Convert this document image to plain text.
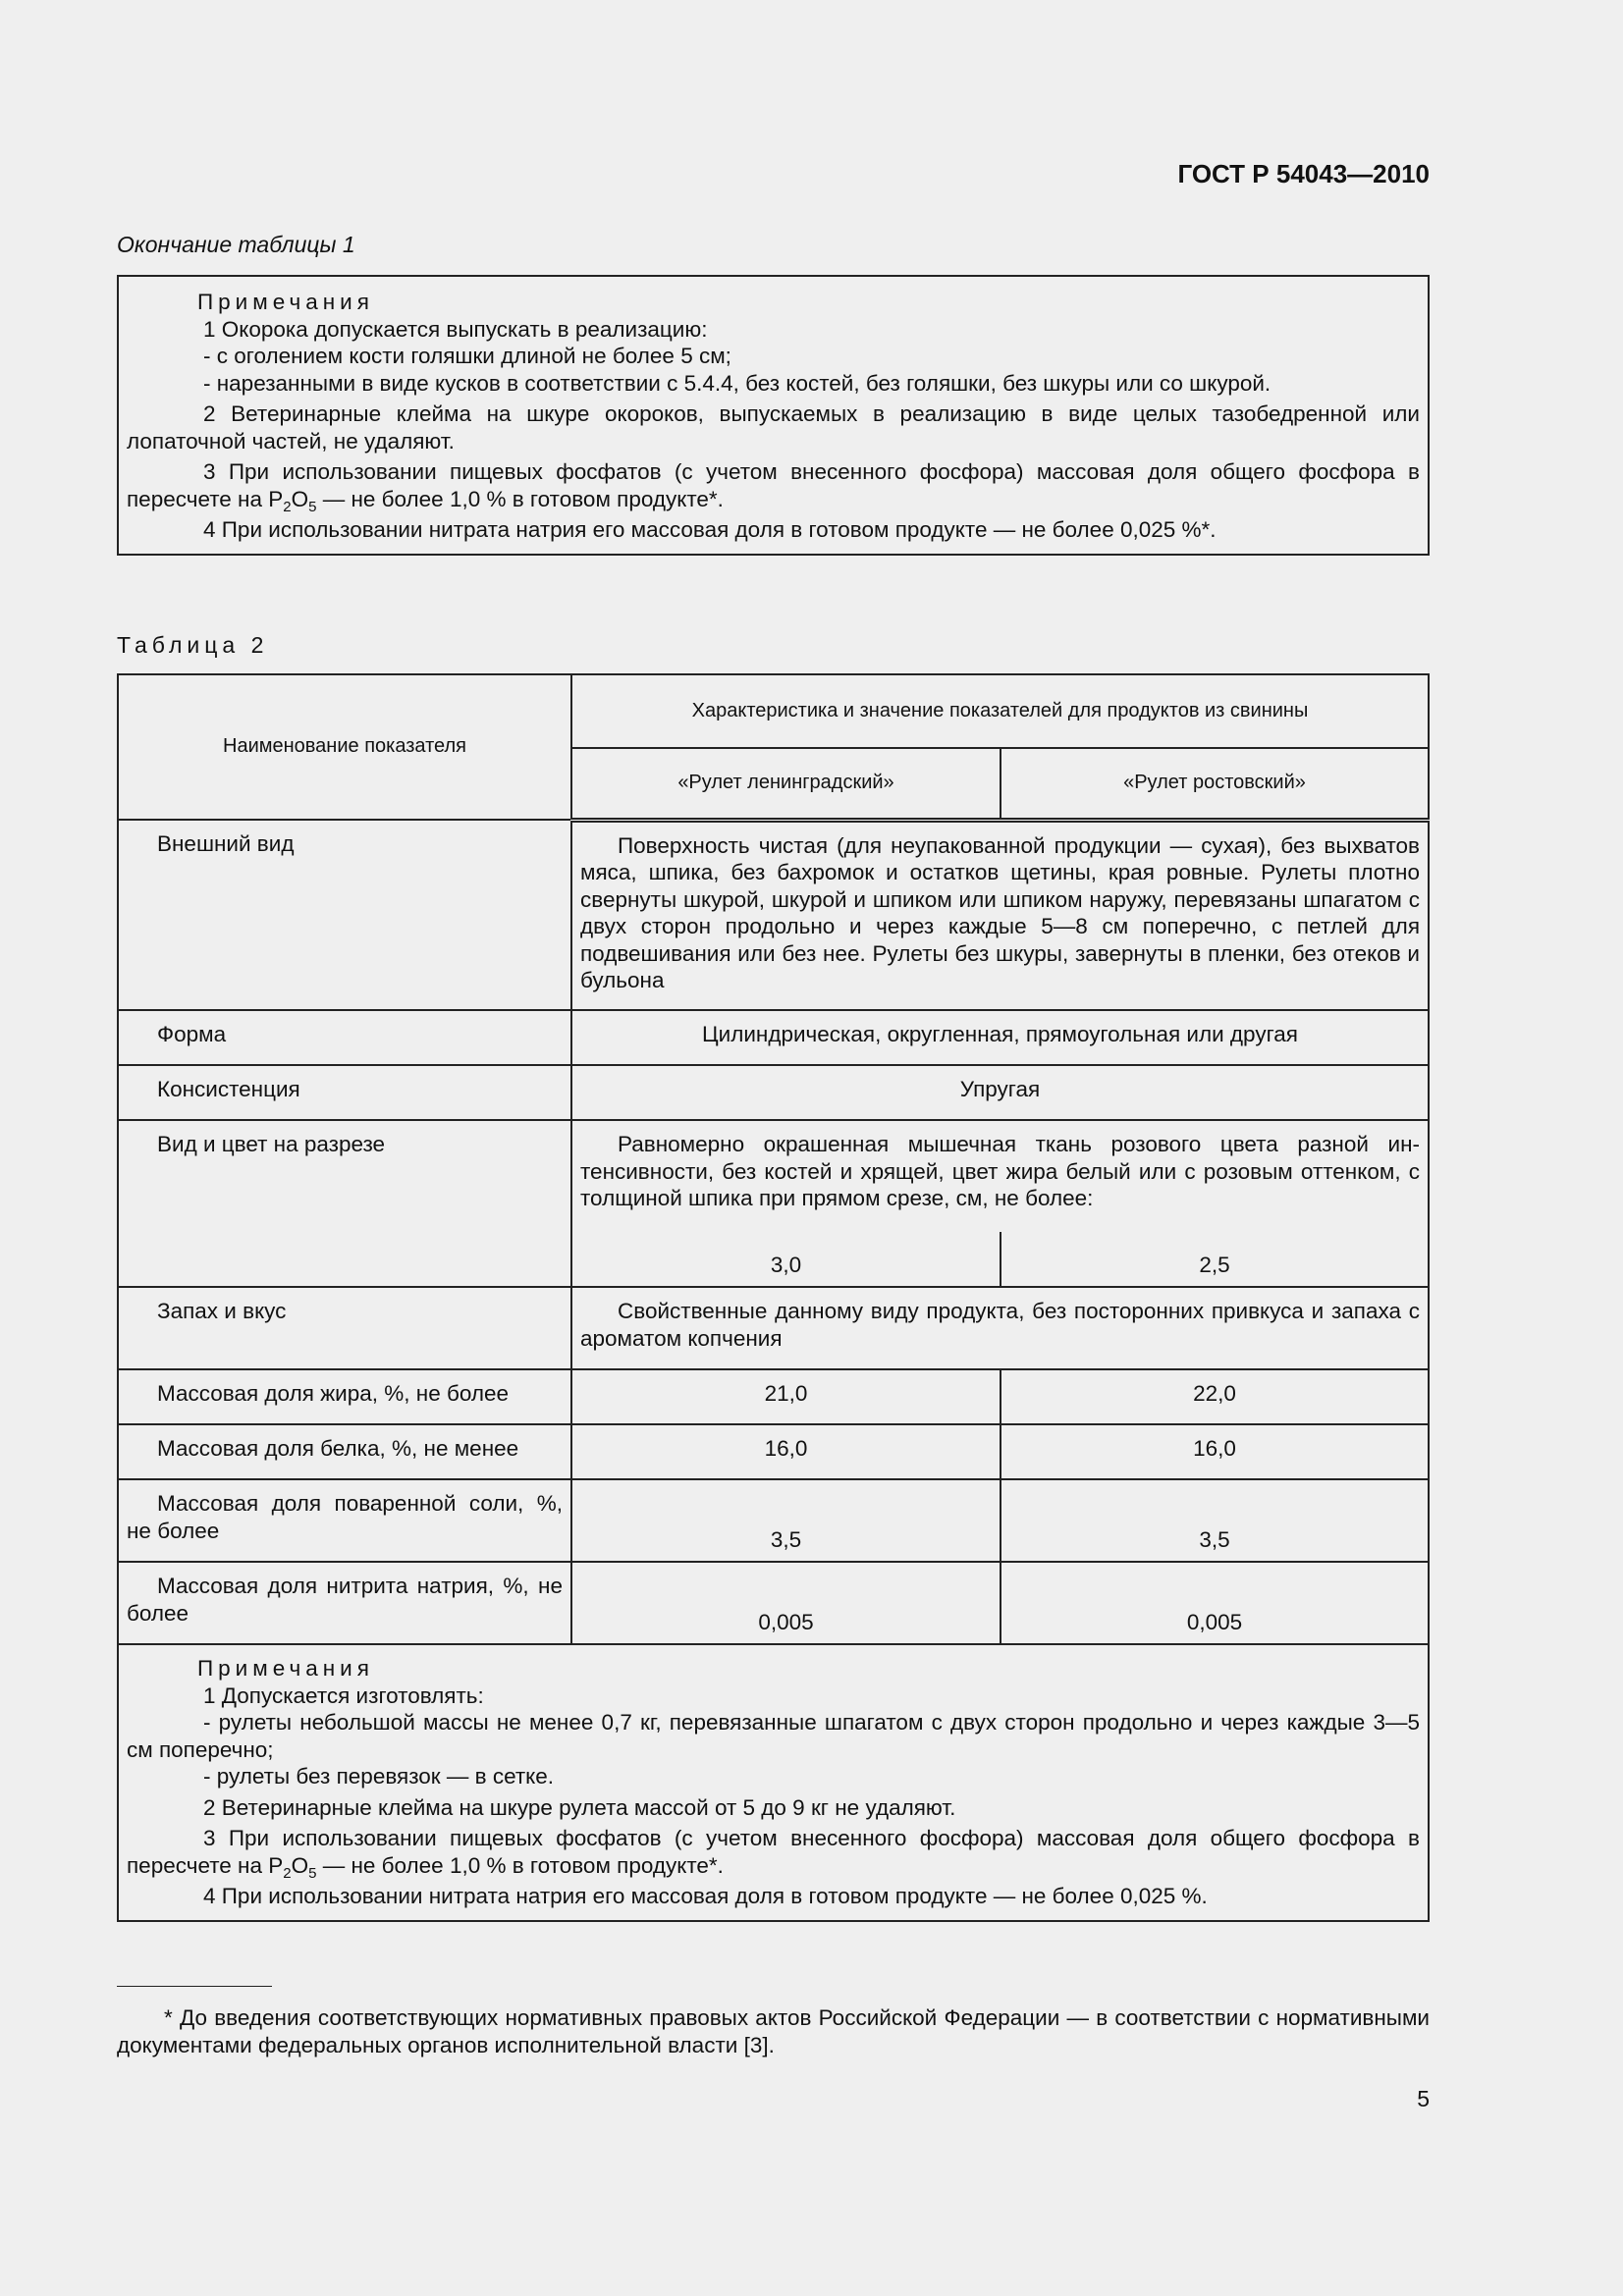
ГОСТ Р 54043—2010
Окончание таблицы 1

Примечания

1 Окорока допускается выпускать в реализацию:

- с оголением кости голяшки длиной не более 5 см;

- нарезанными в виде кусков в соответствии с 5.4.4, без костей, без голяшки, без шкуры или со шкурой.

2 Ветеринарные клейма на шкуре окороков, выпускаемых в реализацию в виде целых тазобедренной или лопаточной частей, не удаляют.

3 При использовании пищевых фосфатов (с учетом внесенного фосфора) массовая доля общего фосфора в пересчете на $P_2O_5$ — не более 1,0 % в готовом продукте*.

4 При использовании нитрата натрия его массовая доля в готовом продукте — не более 0,025 %*.

Таблица 2
Наименование показателя	Характеристика и значение показателей для продуктов из свинины	
	«Рулет ленинградский»	«Рулет ростовский»
Внешний вид	Поверхность чистая (для неупакованной продукции — сухая), без выхватов мяса, шпика, без бахромок и остатков щетины, края ровные. Рулеты плотно свернуты шкурой, шкурой и шпиком или шпиком наружу, перевязаны шпагатом с двух сторон продольно и через каждые 5—8 см поперечно, с петлей для подвешивания или без нее. Рулеты без шкуры, завернуты в пленки, без отеков и бульона	
Форма	Цилиндрическая, округленная, прямоугольная или другая	
Консистенция	Упругая	
Вид и цвет на разрезе	Равномерно окрашенная мышечная ткань розового цвета разной интенсивности, без костей и хрящей, цвет жира белый или с розовым оттенком, с толщиной шпика при прямом срезе, см, не более:	
	3,0	2,5
Запах и вкус	Свойственные данному виду продукта, без посторонних привкуса и запаха с ароматом копчения	
Массовая доля жира, %, не более	21,0	22,0
Массовая доля белка, %, не менее	16,0	16,0
Массовая доля поваренной соли, %, не более	3,5	3,5
Массовая доля нитрита натрия, %, не более	0,005	0,005

Примечания

1 Допускается изготовлять:

- рулеты небольшой массы не менее 0,7 кг, перевязанные шпагатом с двух сторон продольно и через каждые 3—5 см поперечно;

- рулеты без перевязок — в сетке.

2 Ветеринарные клейма на шкуре рулета массой от 5 до 9 кг не удаляют.

3 При использовании пищевых фосфатов (с учетом внесенного фосфора) массовая доля общего фосфора в пересчете на $P_2O_5$ — не более 1,0 % в готовом продукте*.

4 При использовании нитрата натрия его массовая доля в готовом продукте — не более 0,025 %.

* До введения соответствующих нормативных правовых актов Российской Федерации — в соответствии с нормативными документами федеральных органов исполнительной власти [3].

5
